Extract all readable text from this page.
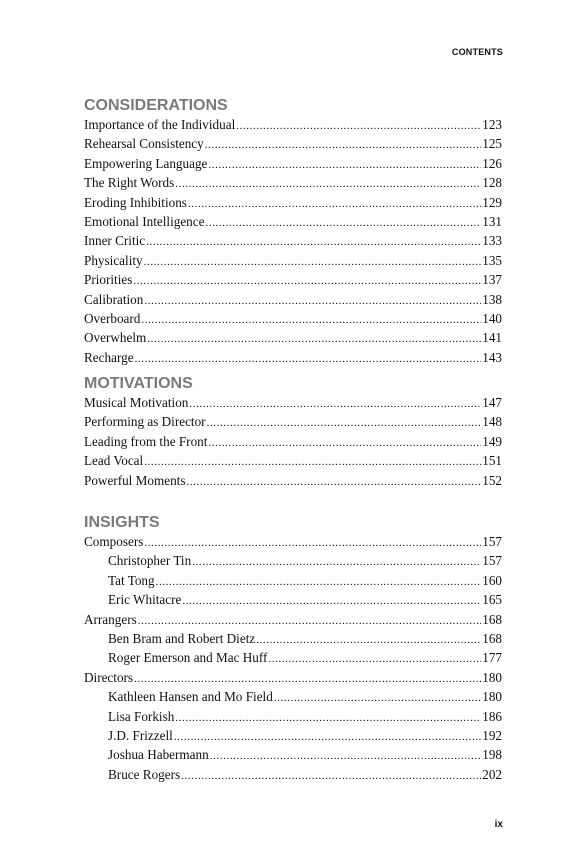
CONTENTS
CONSIDERATIONS
Importance of the Individual .....	123
Rehearsal Consistency .....	125
Empowering Language .....	126
The Right Words .....	128
Eroding Inhibitions .....	129
Emotional Intelligence .....	131
Inner Critic .....	133
Physicality .....	135
Priorities .....	137
Calibration .....	138
Overboard .....	140
Overwhelm .....	141
Recharge .....	143
MOTIVATIONS
Musical Motivation .....	147
Performing as Director .....	148
Leading from the Front .....	149
Lead Vocal .....	151
Powerful Moments .....	152
INSIGHTS
Composers .....	157
Christopher Tin .....	157
Tat Tong .....	160
Eric Whitacre .....	165
Arrangers .....	168
Ben Bram and Robert Dietz .....	168
Roger Emerson and Mac Huff .....	177
Directors .....	180
Kathleen Hansen and Mo Field .....	180
Lisa Forkish .....	186
J.D. Frizzell .....	192
Joshua Habermann .....	198
Bruce Rogers .....	202
ix
